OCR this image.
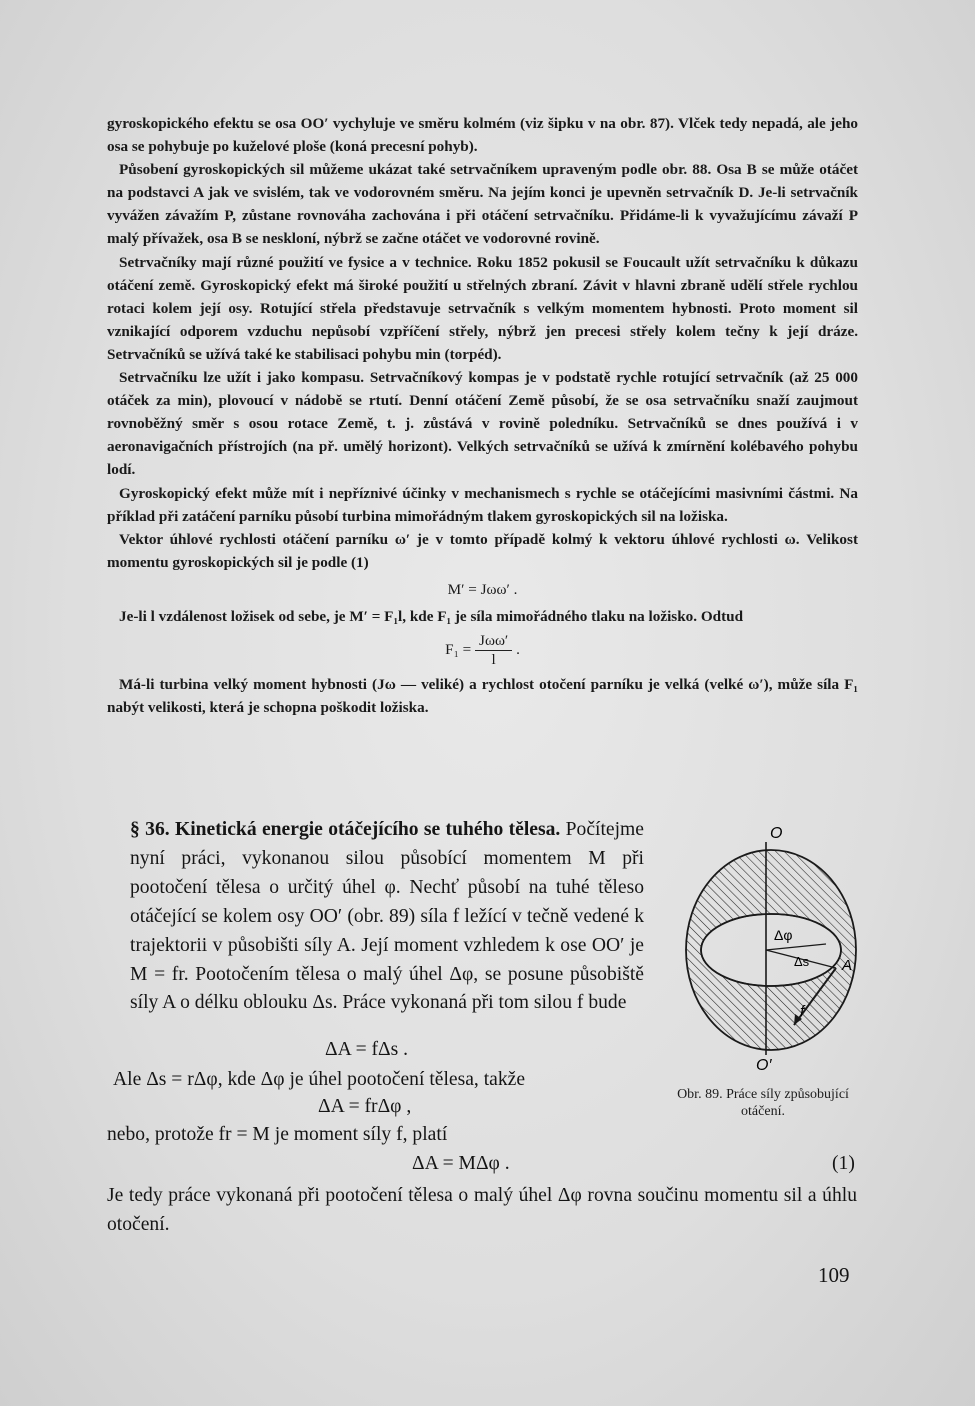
gyroskopického efektu se osa OO′ vychyluje ve směru kolmém (viz šipku v na obr. 87). Vlček tedy nepadá, ale jeho osa se pohybuje po kuželové ploše (koná precesní pohyb).

Působení gyroskopických sil můžeme ukázat také setrvačníkem upraveným podle obr. 88. Osa B se může otáčet na podstavci A jak ve svislém, tak ve vodorovném směru. Na jejím konci je upevněn setrvačník D. Je-li setrvačník vyvážen závažím P, zůstane rovnováha zachována i při otáčení setrvačníku. Přidáme-li k vyvažujícímu závaží P malý přívažek, osa B se neskloní, nýbrž se začne otáčet ve vodorovné rovině.

Setrvačníky mají různé použití ve fysice a v technice. Roku 1852 pokusil se Foucault užít setrvačníku k důkazu otáčení země. Gyroskopický efekt má široké použití u střelných zbraní. Závit v hlavni zbraně udělí střele rychlou rotaci kolem její osy. Rotující střela představuje setrvačník s velkým momentem hybnosti. Proto moment sil vznikající odporem vzduchu nepůsobí vzpříčení střely, nýbrž jen precesi střely kolem tečny k její dráze. Setrvačníků se užívá také ke stabilisaci pohybu min (torpéd).

Setrvačníku lze užít i jako kompasu. Setrvačníkový kompas je v podstatě rychle rotující setrvačník (až 25 000 otáček za min), plovoucí v nádobě se rtutí. Denní otáčení Země působí, že se osa setrvačníku snaží zaujmout rovnoběžný směr s osou rotace Země, t. j. zůstává v rovině poledníku. Setrvačníků se dnes používá i v aeronavigačních přístrojích (na př. umělý horizont). Velkých setrvačníků se užívá k zmírnění kolébavého pohybu lodí.

Gyroskopický efekt může mít i nepříznivé účinky v mechanismech s rychle se otáčejícími masivními částmi. Na příklad při zatáčení parníku působí turbina mimořádným tlakem gyroskopických sil na ložiska.

Vektor úhlové rychlosti otáčení parníku ω′ je v tomto případě kolmý k vektoru úhlové rychlosti ω. Velikost momentu gyroskopických sil je podle (1)

M′ = Jωω′ .

Je-li l vzdálenost ložisek od sebe, je M′ = F₁l, kde F₁ je síla mimořádného tlaku na ložisko. Odtud

$F_1 = \frac{\text{Jωω′}}{l}$ .

Má-li turbina velký moment hybnosti (Jω — veliké) a rychlost otočení parníku je velká (velké ω′), může síla F₁ nabýt velikosti, která je schopna poškodit ložiska.

§ 36. Kinetická energie otáčejícího se tuhého tělesa. Počítejme nyní práci, vykonanou silou působící momentem M při pootočení tělesa o určitý úhel φ. Nechť působí na tuhé těleso otáčející se kolem osy OO′ (obr. 89) síla f ležící v tečně vedené k trajektorii v působišti síly A. Její moment vzhledem k ose OO′ je M = fr. Pootočením tělesa o malý úhel Δφ, se posune působiště síly A o délku oblouku Δs. Práce vykonaná při tom silou f bude

ΔA = fΔs .
Ale Δs = rΔφ, kde Δφ je úhel pootočení tělesa, takže
ΔA = frΔφ ,
nebo, protože fr = M je moment síly f, platí
ΔA = MΔφ .	(1)
Je tedy práce vykonaná při pootočení tělesa o malý úhel Δφ rovna součinu momentu sil a úhlu otočení.
O
O′
Δφ
Δs A
f
Obr. 89. Práce síly způsobující otáčení.
109
